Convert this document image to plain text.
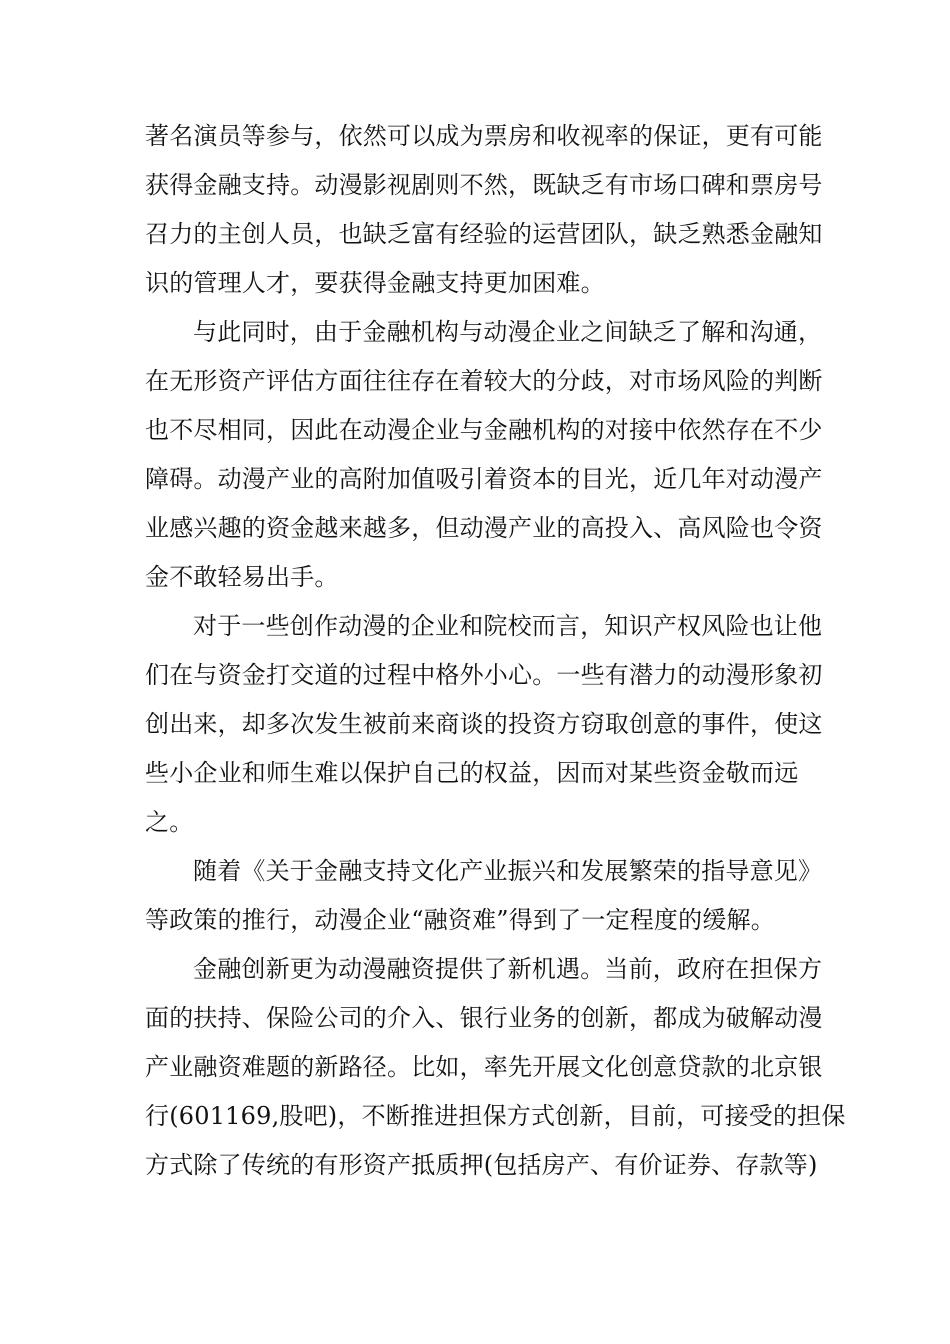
著名演员等参与，依然可以成为票房和收视率的保证，更有可能
获得金融支持。动漫影视剧则不然，既缺乏有市场口碑和票房号
召力的主创人员，也缺乏富有经验的运营团队，缺乏熟悉金融知
识的管理人才，要获得金融支持更加困难。
与此同时，由于金融机构与动漫企业之间缺乏了解和沟通，
在无形资产评估方面往往存在着较大的分歧，对市场风险的判断
也不尽相同，因此在动漫企业与金融机构的对接中依然存在不少
障碍。动漫产业的高附加值吸引着资本的目光，近几年对动漫产
业感兴趣的资金越来越多，但动漫产业的高投入、高风险也令资
金不敢轻易出手。
对于一些创作动漫的企业和院校而言，知识产权风险也让他
们在与资金打交道的过程中格外小心。一些有潜力的动漫形象初
创出来，却多次发生被前来商谈的投资方窃取创意的事件，使这
些小企业和师生难以保护自己的权益，因而对某些资金敬而远
之。
随着《关于金融支持文化产业振兴和发展繁荣的指导意见》
等政策的推行，动漫企业“融资难”得到了一定程度的缓解。
金融创新更为动漫融资提供了新机遇。当前，政府在担保方
面的扶持、保险公司的介入、银行业务的创新，都成为破解动漫
产业融资难题的新路径。比如，率先开展文化创意贷款的北京银
行(601169,股吧)，不断推进担保方式创新，目前，可接受的担保
方式除了传统的有形资产抵质押(包括房产、有价证券、存款等)
